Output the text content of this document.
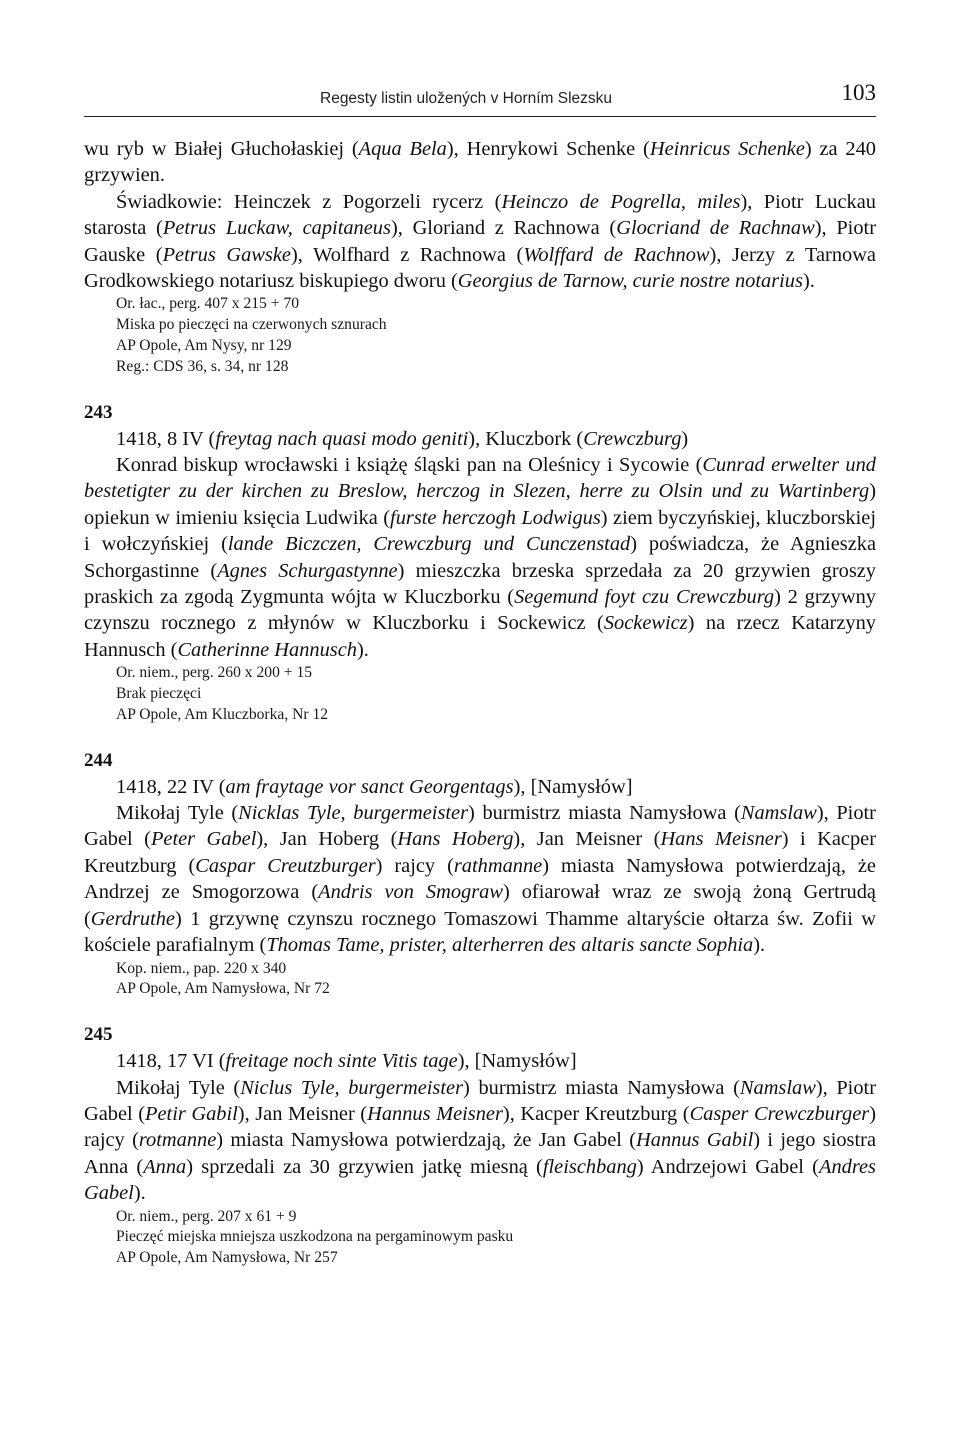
Regesty listin uložených v Horním Slezsku	103

wu ryb w Białej Głuchołaskiej (Aqua Bela), Henrykowi Schenke (Heinricus Schenke) za 240 grzywien.

Świadkowie: Heinczek z Pogorzeli rycerz (Heinczo de Pogrella, miles), Piotr Luckau starosta (Petrus Luckaw, capitaneus), Gloriand z Rachnowa (Glocriand de Rachnaw), Piotr Gauske (Petrus Gawske), Wolfhard z Rachnowa (Wolffard de Rachnow), Jerzy z Tarnowa Grodkowskiego notariusz biskupiego dworu (Georgius de Tarnow, curie nostre notarius).

Or. łac., perg. 407 x 215 + 70

Miska po pieczęci na czerwonych sznurach

AP Opole, Am Nysy, nr 129

Reg.: CDS 36, s. 34, nr 128

243

1418, 8 IV (freytag nach quasi modo geniti), Kluczbork (Crewczburg)

Konrad biskup wrocławski i książę śląski pan na Oleśnicy i Sycowie (Cunrad erwelter und bestetigter zu der kirchen zu Breslow, herczog in Slezen, herre zu Olsin und zu Wartinberg) opiekun w imieniu księcia Ludwika (furste herczogh Lodwigus) ziem byczyńskiej, kluczborskiej i wołczyńskiej (lande Biczczen, Crewczburg und Cunczenstad) poświadcza, że Agnieszka Schorgastinne (Agnes Schurgastynne) mieszczka brzeska sprzedała za 20 grzywien groszy praskich za zgodą Zygmunta wójta w Kluczborku (Segemund foyt czu Crewczburg) 2 grzywny czynszu rocznego z młynów w Kluczborku i Sockewicz (Sockewicz) na rzecz Katarzyny Hannusch (Catherinne Hannusch).

Or. niem., perg. 260 x 200 + 15

Brak pieczęci

AP Opole, Am Kluczborka, Nr 12

244

1418, 22 IV (am fraytage vor sanct Georgentags), [Namysłów]

Mikołaj Tyle (Nicklas Tyle, burgermeister) burmistrz miasta Namysłowa (Namslaw), Piotr Gabel (Peter Gabel), Jan Hoberg (Hans Hoberg), Jan Meisner (Hans Meisner) i Kacper Kreutzburg (Caspar Creutzburger) rajcy (rathmanne) miasta Namysłowa potwierdzają, że Andrzej ze Smogorzowa (Andris von Smograw) ofiarował wraz ze swoją żoną Gertrudą (Gerdruthe) 1 grzywnę czynszu rocznego Tomaszowi Thamme altaryście ołtarza św. Zofii w kościele parafialnym (Thomas Tame, prister, alterherren des altaris sancte Sophia).

Kop. niem., pap. 220 x 340

AP Opole, Am Namysłowa, Nr 72

245

1418, 17 VI (freitage noch sinte Vitis tage), [Namysłów]

Mikołaj Tyle (Niclus Tyle, burgermeister) burmistrz miasta Namysłowa (Namslaw), Piotr Gabel (Petir Gabil), Jan Meisner (Hannus Meisner), Kacper Kreutzburg (Casper Crewczburger) rajcy (rotmanne) miasta Namysłowa potwierdzają, że Jan Gabel (Hannus Gabil) i jego siostra Anna (Anna) sprzedali za 30 grzywien jatkę miesną (fleischbang) Andrzejowi Gabel (Andres Gabel).

Or. niem., perg. 207 x 61 + 9

Pieczęć miejska mniejsza uszkodzona na pergaminowym pasku

AP Opole, Am Namysłowa, Nr 257
